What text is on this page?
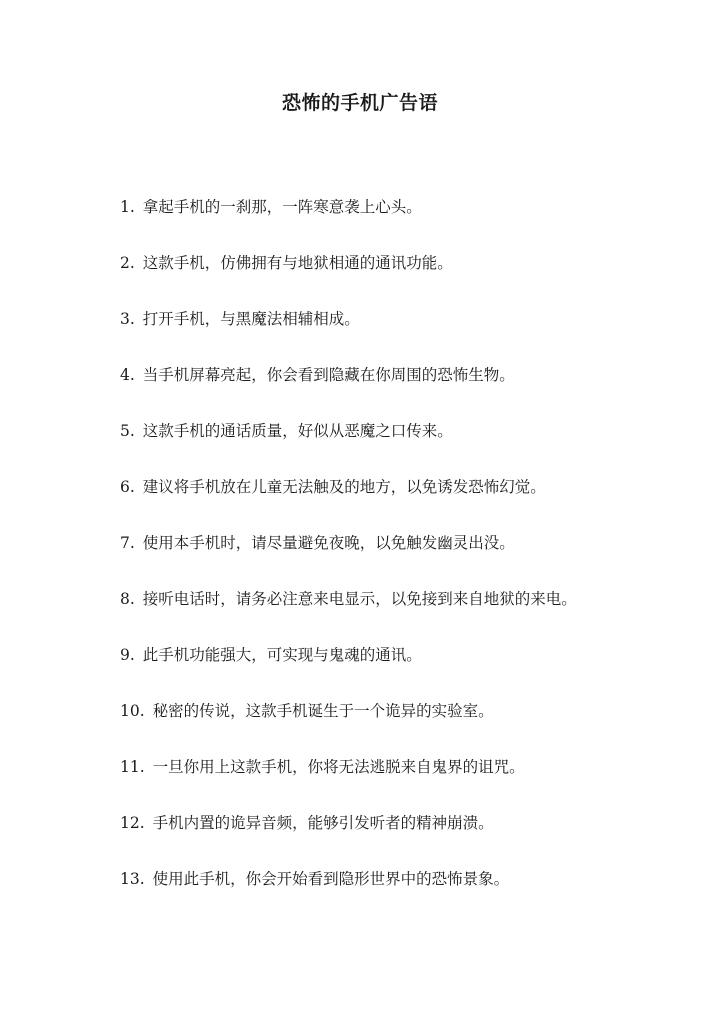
恐怖的手机广告语
1. 拿起手机的一刹那，一阵寒意袭上心头。
2. 这款手机，仿佛拥有与地狱相通的通讯功能。
3. 打开手机，与黑魔法相辅相成。
4. 当手机屏幕亮起，你会看到隐藏在你周围的恐怖生物。
5. 这款手机的通话质量，好似从恶魔之口传来。
6. 建议将手机放在儿童无法触及的地方，以免诱发恐怖幻觉。
7. 使用本手机时，请尽量避免夜晚，以免触发幽灵出没。
8. 接听电话时，请务必注意来电显示，以免接到来自地狱的来电。
9. 此手机功能强大，可实现与鬼魂的通讯。
10. 秘密的传说，这款手机诞生于一个诡异的实验室。
11. 一旦你用上这款手机，你将无法逃脱来自鬼界的诅咒。
12. 手机内置的诡异音频，能够引发听者的精神崩溃。
13. 使用此手机，你会开始看到隐形世界中的恐怖景象。
